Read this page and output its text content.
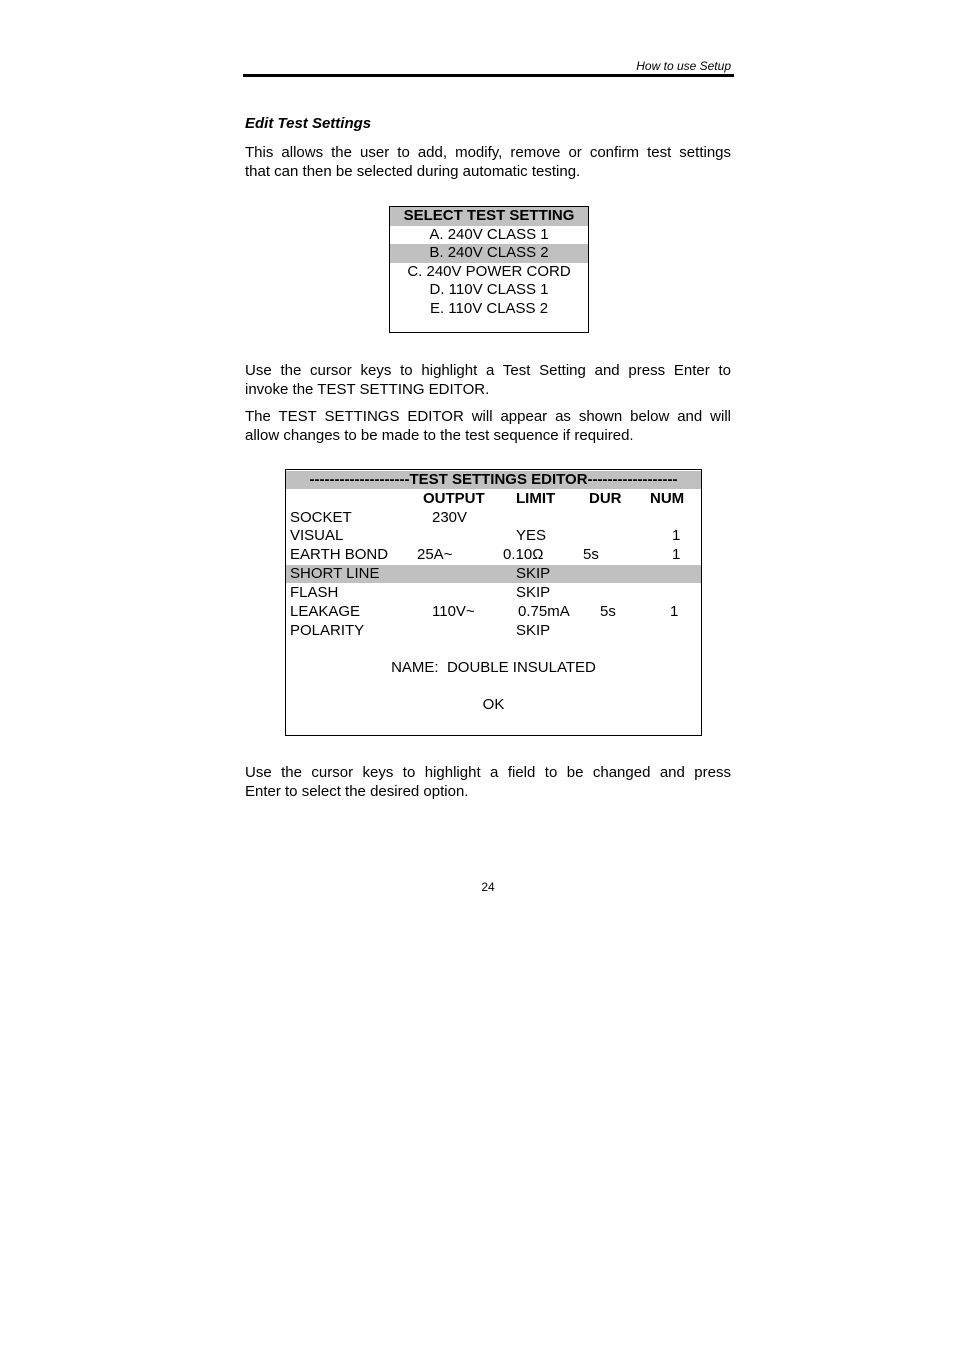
How to use Setup
Edit Test Settings
This allows the user to add, modify, remove or confirm test settings
that can then be selected during automatic testing.
SELECT TEST SETTING
A. 240V CLASS 1
B. 240V CLASS 2
C. 240V POWER CORD
D. 110V CLASS 1
E. 110V CLASS 2
Use the cursor keys to highlight a Test Setting and press Enter to
invoke the TEST SETTING EDITOR.
The TEST SETTINGS EDITOR will appear as shown below and will
allow changes to be made to the test sequence if required.
--------------------TEST SETTINGS EDITOR------------------
OUTPUT LIMIT DUR NUM
SOCKET	230V
VISUAL	YES	1
EARTH BOND 25A~	0.10Ω	5s	1
SHORT LINE	SKIP
FLASH	SKIP
LEAKAGE	110V~	0.75mA 5s	1
POLARITY	SKIP
NAME: DOUBLE INSULATED
OK
Use the cursor keys to highlight a field to be changed and press
Enter to select the desired option.
24
